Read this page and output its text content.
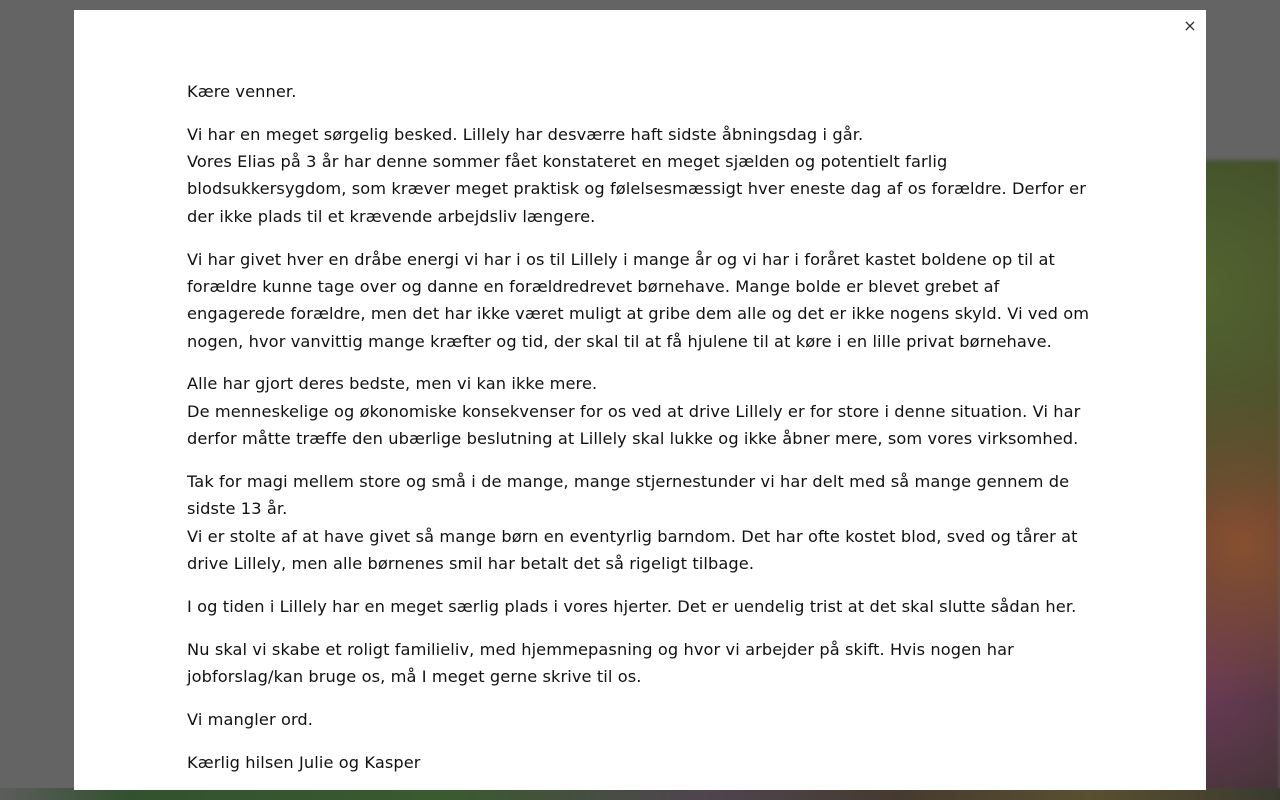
×

Kære venner.

Vi har en meget sørgelig besked. Lillely har desværre haft sidste åbningsdag i går.
Vores Elias på 3 år har denne sommer fået konstateret en meget sjælden og potentielt farlig blodsukkersygdom, som kræver meget praktisk og følelsesmæssigt hver eneste dag af os forældre. Derfor er der ikke plads til et krævende arbejdsliv længere.

Vi har givet hver en dråbe energi vi har i os til Lillely i mange år og vi har i foråret kastet boldene op til at forældre kunne tage over og danne en forældredrevet børnehave. Mange bolde er blevet grebet af engagerede forældre, men det har ikke været muligt at gribe dem alle og det er ikke nogens skyld. Vi ved om nogen, hvor vanvittig mange kræfter og tid, der skal til at få hjulene til at køre i en lille privat børnehave.

Alle har gjort deres bedste, men vi kan ikke mere.
De menneskelige og økonomiske konsekvenser for os ved at drive Lillely er for store i denne situation. Vi har derfor måtte træffe den ubærlige beslutning at Lillely skal lukke og ikke åbner mere, som vores virksomhed.

Tak for magi mellem store og små i de mange, mange stjernestunder vi har delt med så mange gennem de sidste 13 år.
Vi er stolte af at have givet så mange børn en eventyrlig barndom. Det har ofte kostet blod, sved og tårer at drive Lillely, men alle børnenes smil har betalt det så rigeligt tilbage.

I og tiden i Lillely har en meget særlig plads i vores hjerter. Det er uendelig trist at det skal slutte sådan her.

Nu skal vi skabe et roligt familieliv, med hjemmepasning og hvor vi arbejder på skift. Hvis nogen har jobforslag/kan bruge os, må I meget gerne skrive til os.

Vi mangler ord.

Kærlig hilsen Julie og Kasper
